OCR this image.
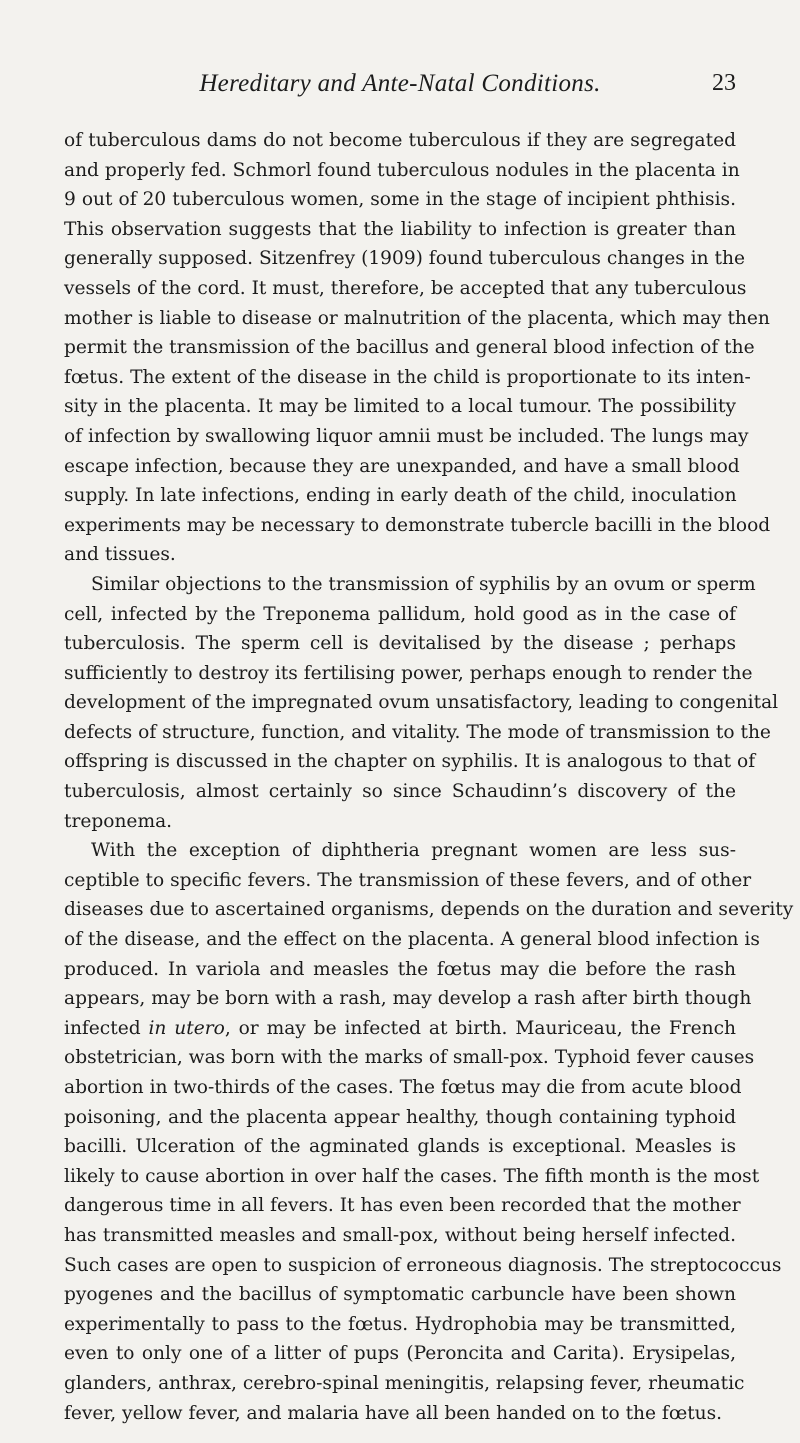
Hereditary and Ante-Natal Conditions.	23

of tuberculous dams do not become tuberculous if they are segregated
and properly fed. Schmorl found tuberculous nodules in the placenta in
9 out of 20 tuberculous women, some in the stage of incipient phthisis.
This observation suggests that the liability to infection is greater than
generally supposed. Sitzenfrey (1909) found tuberculous changes in the
vessels of the cord. It must, therefore, be accepted that any tuberculous
mother is liable to disease or malnutrition of the placenta, which may then
permit the transmission of the bacillus and general blood infection of the
fœtus. The extent of the disease in the child is proportionate to its inten-
sity in the placenta. It may be limited to a local tumour. The possibility
of infection by swallowing liquor amnii must be included. The lungs may
escape infection, because they are unexpanded, and have a small blood
supply. In late infections, ending in early death of the child, inoculation
experiments may be necessary to demonstrate tubercle bacilli in the blood
and tissues.

Similar objections to the transmission of syphilis by an ovum or sperm
cell, infected by the Treponema pallidum, hold good as in the case of
tuberculosis. The sperm cell is devitalised by the disease ; perhaps
sufficiently to destroy its fertilising power, perhaps enough to render the
development of the impregnated ovum unsatisfactory, leading to congenital
defects of structure, function, and vitality. The mode of transmission to the
offspring is discussed in the chapter on syphilis. It is analogous to that of
tuberculosis, almost certainly so since Schaudinn’s discovery of the
treponema.

With the exception of diphtheria pregnant women are less sus-
ceptible to specific fevers. The transmission of these fevers, and of other
diseases due to ascertained organisms, depends on the duration and severity
of the disease, and the effect on the placenta. A general blood infection is
produced. In variola and measles the fœtus may die before the rash
appears, may be born with a rash, may develop a rash after birth though
infected in utero, or may be infected at birth. Mauriceau, the French
obstetrician, was born with the marks of small-pox. Typhoid fever causes
abortion in two-thirds of the cases. The fœtus may die from acute blood
poisoning, and the placenta appear healthy, though containing typhoid
bacilli. Ulceration of the agminated glands is exceptional. Measles is
likely to cause abortion in over half the cases. The fifth month is the most
dangerous time in all fevers. It has even been recorded that the mother
has transmitted measles and small-pox, without being herself infected.
Such cases are open to suspicion of erroneous diagnosis. The streptococcus
pyogenes and the bacillus of symptomatic carbuncle have been shown
experimentally to pass to the fœtus. Hydrophobia may be transmitted,
even to only one of a litter of pups (Peroncita and Carita). Erysipelas,
glanders, anthrax, cerebro-spinal meningitis, relapsing fever, rheumatic
fever, yellow fever, and malaria have all been handed on to the fœtus.
